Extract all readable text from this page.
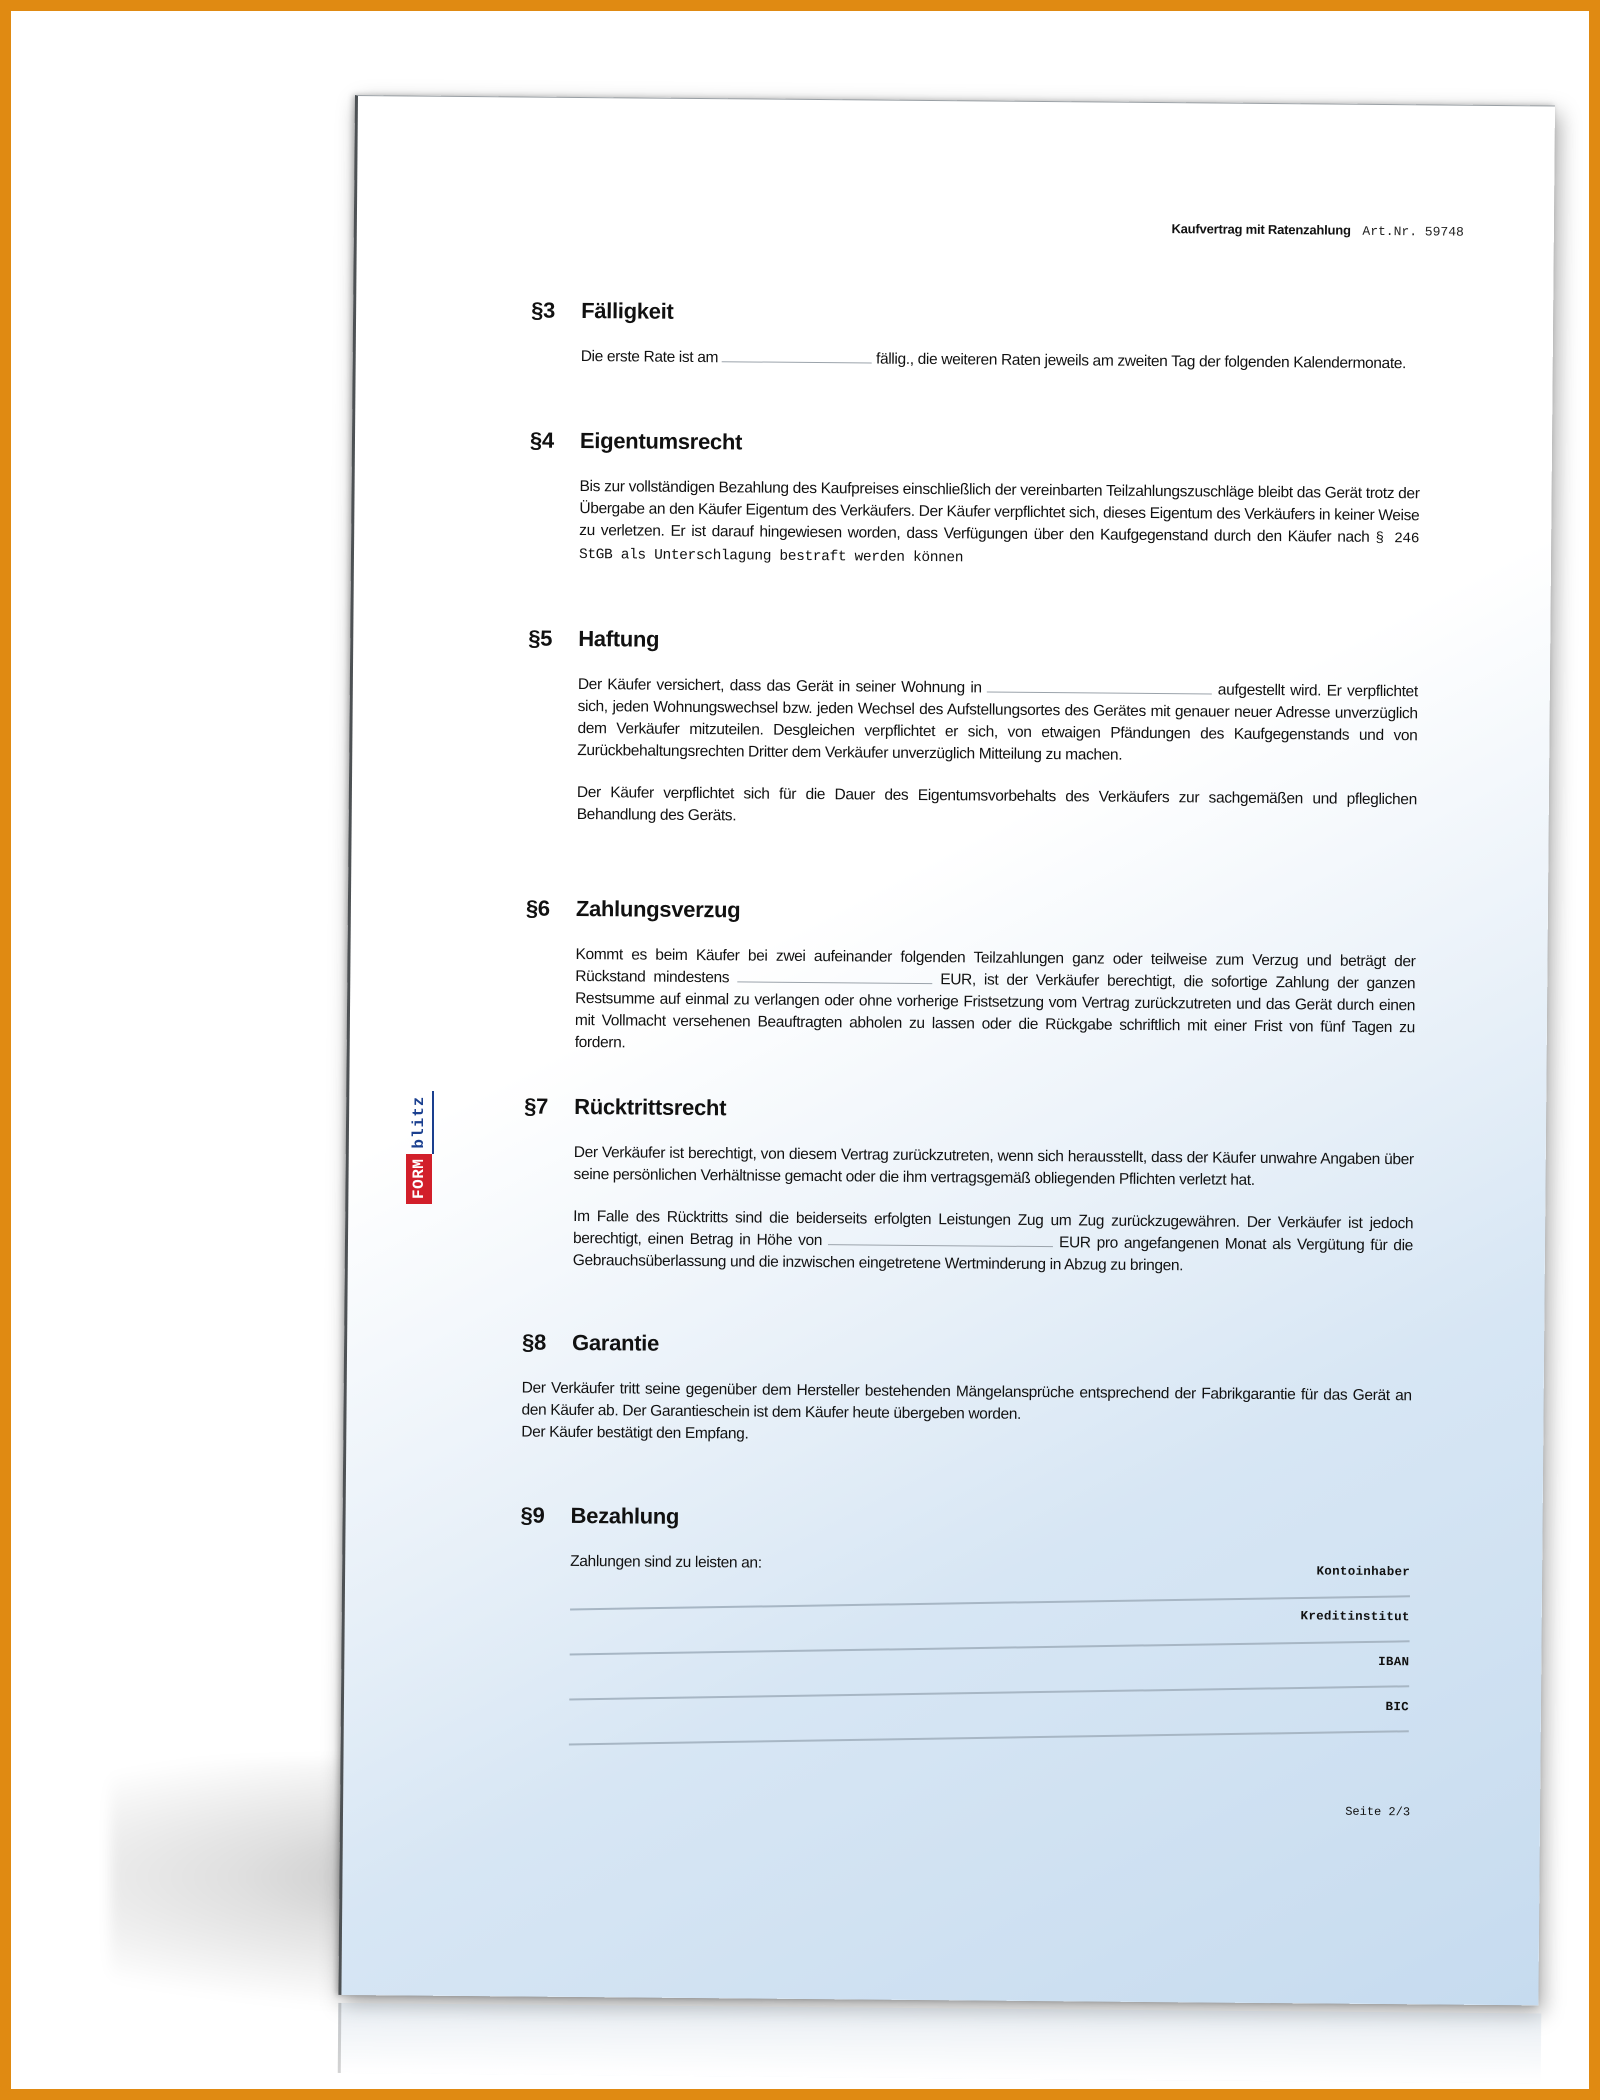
Kaufvertrag mit Ratenzahlung Art.Nr. 59748
§3	Fälligkeit

Die erste Rate ist am	fällig., die weiteren Raten jeweils am zweiten Tag der folgenden Kalendermonate.

§4	Eigentumsrecht

Bis zur vollständigen Bezahlung des Kaufpreises einschließlich der vereinbarten Teilzahlungszuschläge bleibt das Gerät trotz der Übergabe an den Käufer Eigentum des Verkäufers. Der Käufer verpflichtet sich, dieses Eigentum des Verkäufers in keiner Weise zu verletzen. Er ist darauf hingewiesen worden, dass Verfügungen über den Kaufgegenstand durch den Käufer nach § 246 StGB als Unterschlagung bestraft werden können

§5	Haftung

Der Käufer versichert, dass das Gerät in seiner Wohnung in	aufgestellt wird. Er verpflichtet sich, jeden Wohnungswechsel bzw. jeden Wechsel des Aufstellungsortes des Gerätes mit genauer neuer Adresse unverzüglich dem Verkäufer mitzuteilen. Desgleichen verpflichtet er sich, von etwaigen Pfändungen des Kaufgegenstands und von Zurückbehaltungsrechten Dritter dem Verkäufer unverzüglich Mitteilung zu machen.

Der Käufer verpflichtet sich für die Dauer des Eigentumsvorbehalts des Verkäufers zur sachgemäßen und pfleglichen Behandlung des Geräts.

§6	Zahlungsverzug

Kommt es beim Käufer bei zwei aufeinander folgenden Teilzahlungen ganz oder teilweise zum Verzug und beträgt der Rückstand mindestens	EUR, ist der Verkäufer berechtigt, die sofortige Zahlung der ganzen Restsumme auf einmal zu verlangen oder ohne vorherige Fristsetzung vom Vertrag zurückzutreten und das Gerät durch einen mit Vollmacht versehenen Beauftragten abholen zu lassen oder die Rückgabe schriftlich mit einer Frist von fünf Tagen zu fordern.

§7	Rücktrittsrecht

Der Verkäufer ist berechtigt, von diesem Vertrag zurückzutreten, wenn sich herausstellt, dass der Käufer unwahre Angaben über seine persönlichen Verhältnisse gemacht oder die ihm vertragsgemäß obliegenden Pflichten verletzt hat.

Im Falle des Rücktritts sind die beiderseits erfolgten Leistungen Zug um Zug zurückzugewähren. Der Verkäufer ist jedoch berechtigt, einen Betrag in Höhe von	EUR pro angefangenen Monat als Vergütung für die Gebrauchsüberlassung und die inzwischen eingetretene Wertminderung in Abzug zu bringen.

§8	Garantie

Der Verkäufer tritt seine gegenüber dem Hersteller bestehenden Mängelansprüche entsprechend der Fabrikgarantie für das Gerät an den Käufer ab. Der Garantieschein ist dem Käufer heute übergeben worden.
Der Käufer bestätigt den Empfang.

§9	Bezahlung

Zahlungen sind zu leisten an:

Kontoinhaber
Kreditinstitut
IBAN
BIC
Seite 2/3
FORM
blitz
